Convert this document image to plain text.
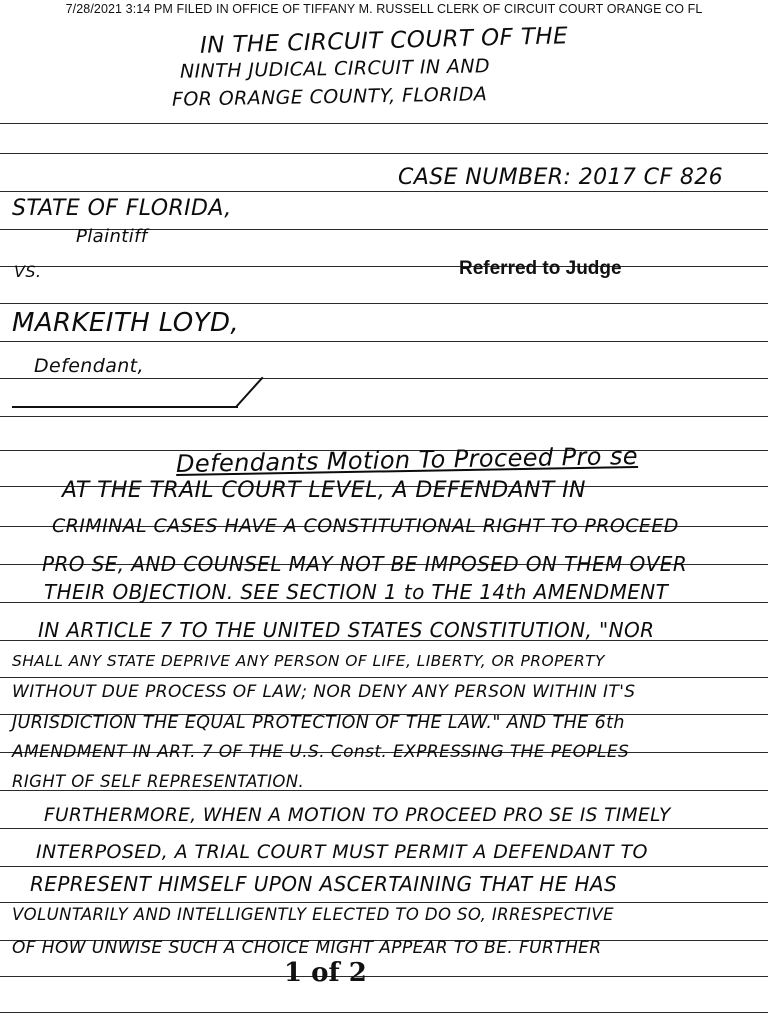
7/28/2021 3:14 PM FILED IN OFFICE OF TIFFANY M. RUSSELL CLERK OF CIRCUIT COURT ORANGE CO FL
IN THE CIRCUIT COURT OF THE
NINTH JUDICAL CIRCUIT IN AND
FOR ORANGE COUNTY, FLORIDA
CASE NUMBER: 2017 CF 826
STATE OF FLORIDA,
Plaintiff
VS.	Referred to Judge
MARKEITH LOYD,
Defendant,
Defendants Motion To Proceed Pro se
AT THE TRAIL COURT LEVEL, A DEFENDANT IN
CRIMINAL CASES HAVE A CONSTITUTIONAL RIGHT TO PROCEED
PRO SE, AND COUNSEL MAY NOT BE IMPOSED ON THEM OVER
THEIR OBJECTION. SEE SECTION 1 to THE 14th AMENDMENT
IN ARTICLE 7 TO THE UNITED STATES CONSTITUTION, "NOR
SHALL ANY STATE DEPRIVE ANY PERSON OF LIFE, LIBERTY, OR PROPERTY
WITHOUT DUE PROCESS OF LAW; NOR DENY ANY PERSON WITHIN IT'S
JURISDICTION THE EQUAL PROTECTION OF THE LAW." AND THE 6th
AMENDMENT IN ART. 7 OF THE U.S. Const. EXPRESSING THE PEOPLES
RIGHT OF SELF REPRESENTATION.
FURTHERMORE, WHEN A MOTION TO PROCEED PRO SE IS TIMELY
INTERPOSED, A TRIAL COURT MUST PERMIT A DEFENDANT TO
REPRESENT HIMSELF UPON ASCERTAINING THAT HE HAS
VOLUNTARILY AND INTELLIGENTLY ELECTED TO DO SO, IRRESPECTIVE
OF HOW UNWISE SUCH A CHOICE MIGHT APPEAR TO BE. FURTHER
1 of 2
